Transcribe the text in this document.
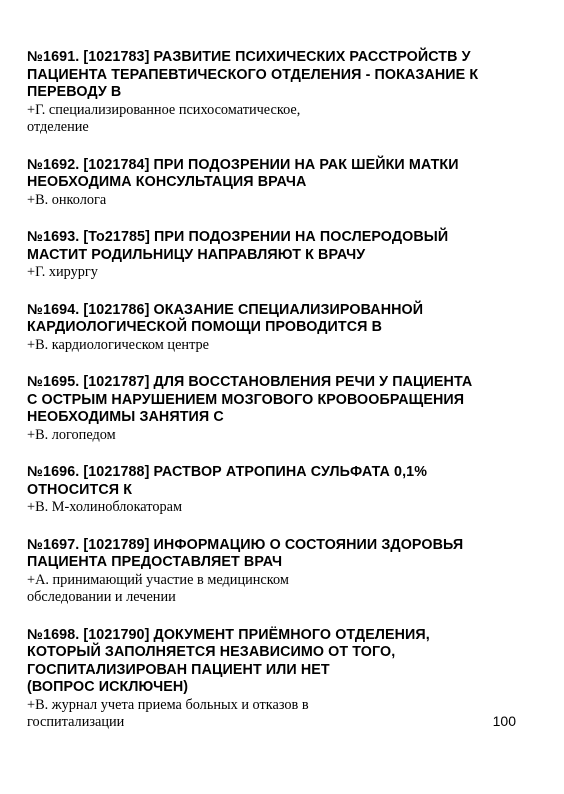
№1691. [1021783] РАЗВИТИЕ ПСИХИЧЕСКИХ РАССТРОЙСТВ У
ПАЦИЕНТА ТЕРАПЕВТИЧЕСКОГО ОТДЕЛЕНИЯ - ПОКАЗАНИЕ К
ПЕРЕВОДУ В
+Г. специализированное психосоматическое,
отделение
№1692. [1021784] ПРИ ПОДОЗРЕНИИ НА РАК ШЕЙКИ МАТКИ
НЕОБХОДИМА КОНСУЛЬТАЦИЯ ВРАЧА
+В. онколога
№1693. [To21785] ПРИ ПОДОЗРЕНИИ НА ПОСЛЕРОДОВЫЙ
МАСТИТ РОДИЛЬНИЦУ НАПРАВЛЯЮТ К ВРАЧУ
+Г. хирургу
№1694. [1021786] ОКАЗАНИЕ СПЕЦИАЛИЗИРОВАННОЙ
КАРДИОЛОГИЧЕСКОЙ ПОМОЩИ ПРОВОДИТСЯ В
+В. кардиологическом центре
№1695. [1021787] ДЛЯ ВОССТАНОВЛЕНИЯ РЕЧИ У ПАЦИЕНТА
С ОСТРЫМ НАРУШЕНИЕМ МОЗГОВОГО КРОВООБРАЩЕНИЯ
НЕОБХОДИМЫ ЗАНЯТИЯ С
+В. логопедом
№1696. [1021788] РАСТВОР АТРОПИНА СУЛЬФАТА 0,1%
ОТНОСИТСЯ К
+В. М-холиноблокаторам
№1697. [1021789] ИНФОРМАЦИЮ О СОСТОЯНИИ ЗДОРОВЬЯ
ПАЦИЕНТА ПРЕДОСТАВЛЯЕТ ВРАЧ
+А. принимающий участие в медицинском
обследовании и лечении
№1698. [1021790] ДОКУМЕНТ ПРИЁМНОГО ОТДЕЛЕНИЯ,
КОТОРЫЙ ЗАПОЛНЯЕТСЯ НЕЗАВИСИМО ОТ ТОГО,
ГОСПИТАЛИЗИРОВАН ПАЦИЕНТ ИЛИ НЕТ
(ВОПРОС ИСКЛЮЧЕН)
+В. журнал учета приема больных и отказов в
госпитализации	100
